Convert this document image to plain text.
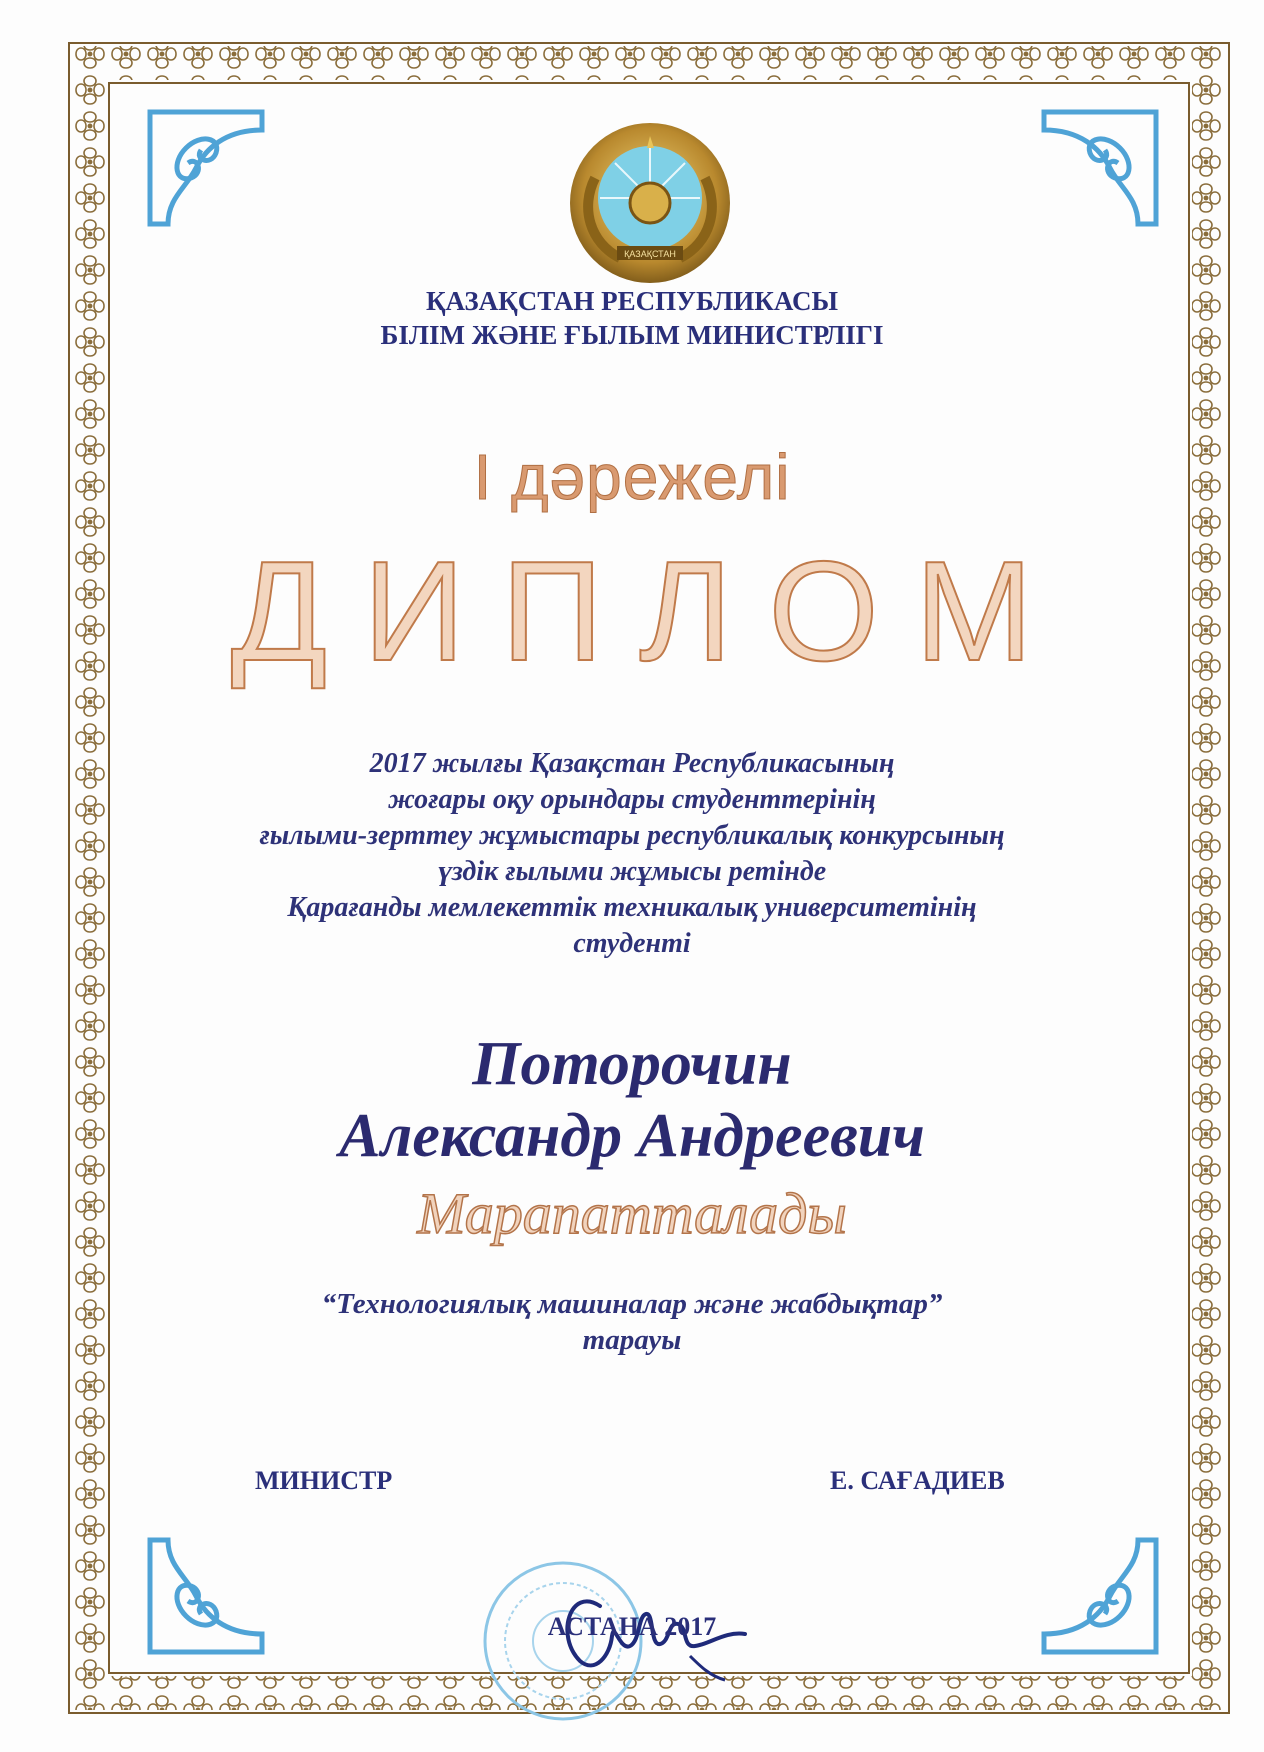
ҚАЗАҚСТАН
ҚАЗАҚСТАН РЕСПУБЛИКАСЫ
БІЛІМ ЖӘНЕ ҒЫЛЫМ МИНИСТРЛІГІ
I дәрежелі
ДИПЛОМ
2017 жылғы Қазақстан Республикасының
жоғары оқу орындары студенттерінің
ғылыми-зерттеу жұмыстары республикалық конкурсының
үздік ғылыми жұмысы ретінде
Қарағанды мемлекеттік техникалық университетінің
студенті
Поторочин
Александр Андреевич
Марапатталады
“Технологиялық машиналар және жабдықтар”
тарауы
МИНИСТР	Е. САҒАДИЕВ
АСТАНА 2017
